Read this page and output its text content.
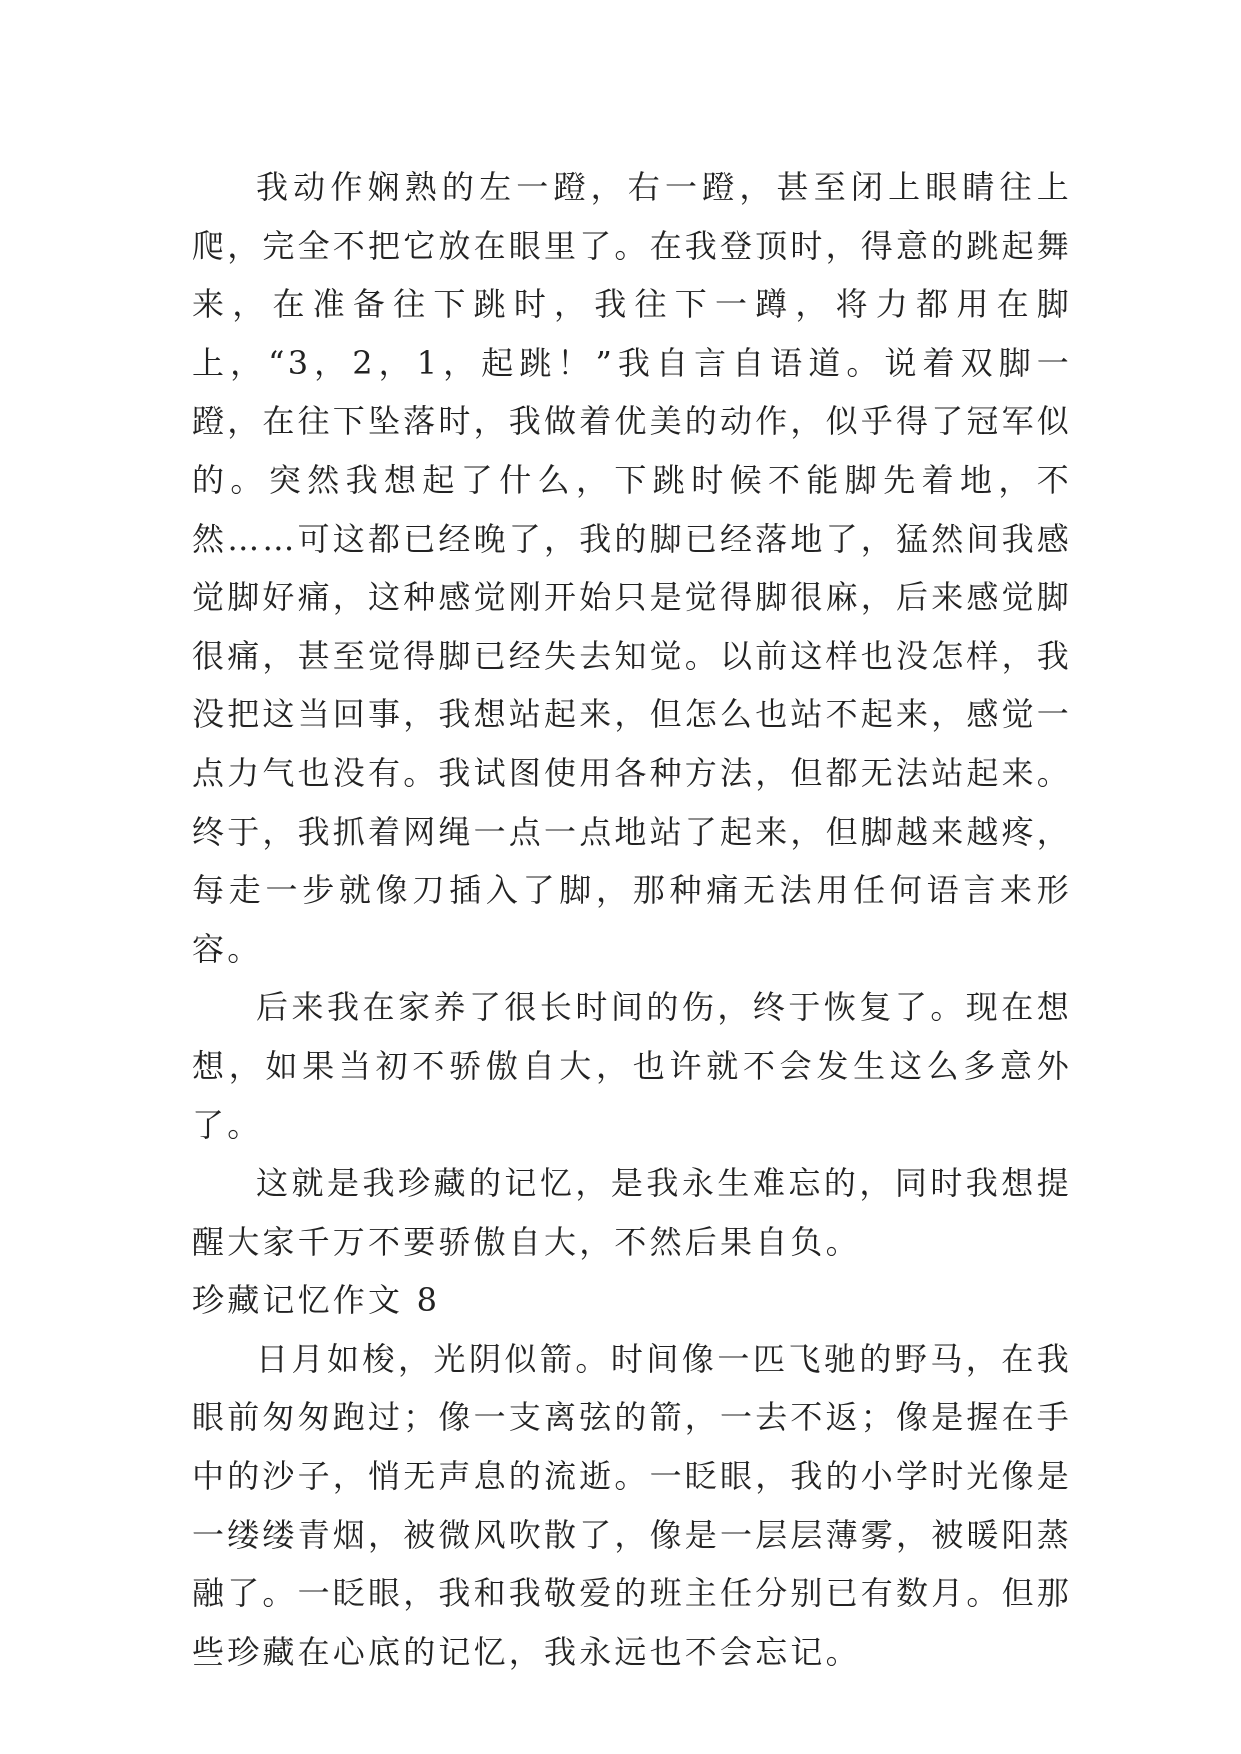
我动作娴熟的左一蹬，右一蹬，甚至闭上眼睛往上爬，完全不把它放在眼里了。在我登顶时，得意的跳起舞来，在准备往下跳时，我往下一蹲，将力都用在脚上，“3，2，1，起跳！”我自言自语道。说着双脚一蹬，在往下坠落时，我做着优美的动作，似乎得了冠军似的。突然我想起了什么，下跳时候不能脚先着地，不然……可这都已经晚了，我的脚已经落地了，猛然间我感觉脚好痛，这种感觉刚开始只是觉得脚很麻，后来感觉脚很痛，甚至觉得脚已经失去知觉。以前这样也没怎样，我没把这当回事，我想站起来，但怎么也站不起来，感觉一点力气也没有。我试图使用各种方法，但都无法站起来。终于，我抓着网绳一点一点地站了起来，但脚越来越疼，每走一步就像刀插入了脚，那种痛无法用任何语言来形容。

后来我在家养了很长时间的伤，终于恢复了。现在想想，如果当初不骄傲自大，也许就不会发生这么多意外了。

这就是我珍藏的记忆，是我永生难忘的，同时我想提醒大家千万不要骄傲自大，不然后果自负。

珍藏记忆作文 8

日月如梭，光阴似箭。时间像一匹飞驰的野马，在我眼前匆匆跑过；像一支离弦的箭，一去不返；像是握在手中的沙子，悄无声息的流逝。一眨眼，我的小学时光像是一缕缕青烟，被微风吹散了，像是一层层薄雾，被暖阳蒸融了。一眨眼，我和我敬爱的班主任分别已有数月。但那些珍藏在心底的记忆，我永远也不会忘记。
